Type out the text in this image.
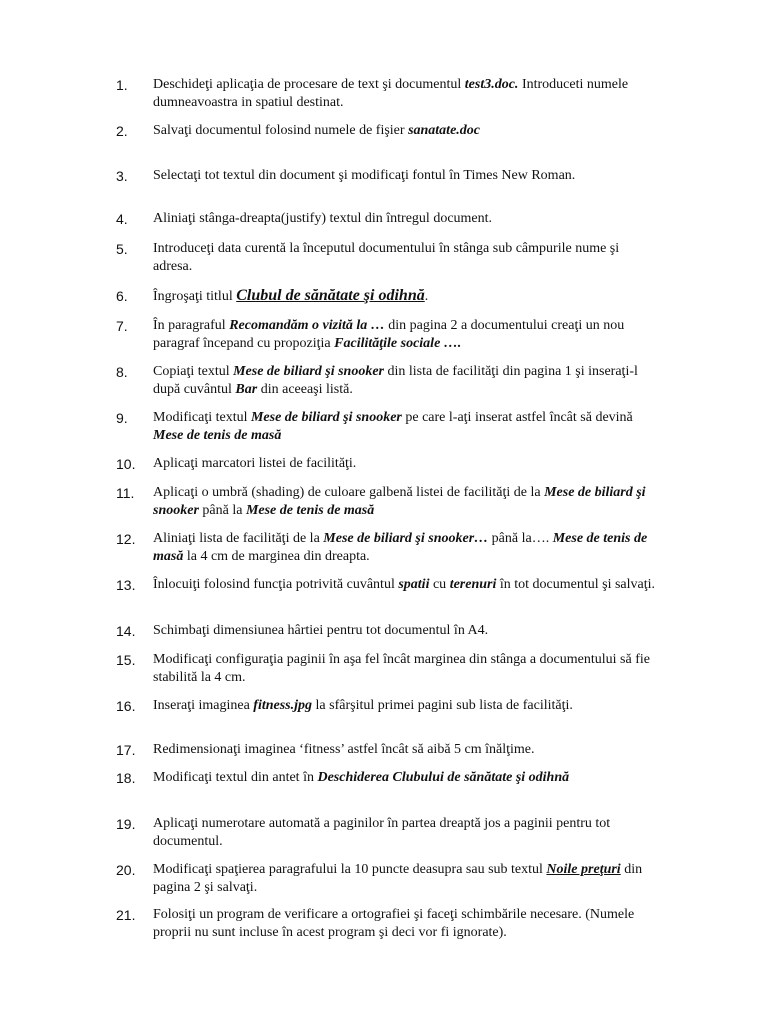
1.	Deschideţi aplicaţia de procesare de text şi documentul test3.doc. Introduceti numele dumneavoastra in spatiul destinat.
2.	Salvaţi documentul folosind numele de fişier sanatate.doc
3.	Selectaţi tot textul din document şi modificaţi fontul în Times New Roman.
4.	Aliniaţi stânga-dreapta(justify) textul din întregul document.
5.	Introduceţi data curentă la începutul documentului în stânga sub câmpurile nume şi adresa.
6.	Îngroşaţi titlul Clubul de sănătate şi odihnă.
7.	În paragraful Recomandăm o vizită la … din pagina 2 a documentului creaţi un nou paragraf începand cu propoziţia Facilităţile sociale ….
8.	Copiaţi textul Mese de biliard şi snooker din lista de facilităţi din pagina 1 şi inseraţi-l după cuvântul Bar din aceeaşi listă.
9.	Modificaţi textul Mese de biliard şi snooker pe care l-aţi inserat astfel încât să devină Mese de tenis de masă
10.	Aplicaţi marcatori listei de facilităţi.
11.	Aplicaţi o umbră (shading) de culoare galbenă listei de facilităţi de la Mese de biliard şi snooker până la Mese de tenis de masă
12.	Aliniaţi lista de facilităţi de la Mese de biliard şi snooker… până la…. Mese de tenis de masă la 4 cm de marginea din dreapta.
13.	Înlocuiţi folosind funcţia potrivită cuvântul spatii cu terenuri în tot documentul şi salvaţi.
14.	Schimbaţi dimensiunea hârtiei pentru tot documentul în A4.
15.	Modificaţi configuraţia paginii în aşa fel încât marginea din stânga a documentului să fie stabilită la 4 cm.
16.	Inseraţi imaginea fitness.jpg la sfârşitul primei pagini sub lista de facilităţi.
17.	Redimensionaţi imaginea ‘fitness’ astfel încât să aibă 5 cm înălţime.
18.	Modificaţi textul din antet în Deschiderea Clubului de sănătate şi odihnă
19.	Aplicaţi numerotare automată a paginilor în partea dreaptă jos a paginii pentru tot documentul.
20.	Modificaţi spaţierea paragrafului la 10 puncte deasupra sau sub textul Noile preţuri din pagina 2 şi salvaţi.
21.	Folosiţi un program de verificare a ortografiei şi faceţi schimbările necesare. (Numele proprii nu sunt incluse în acest program şi deci vor fi ignorate).
